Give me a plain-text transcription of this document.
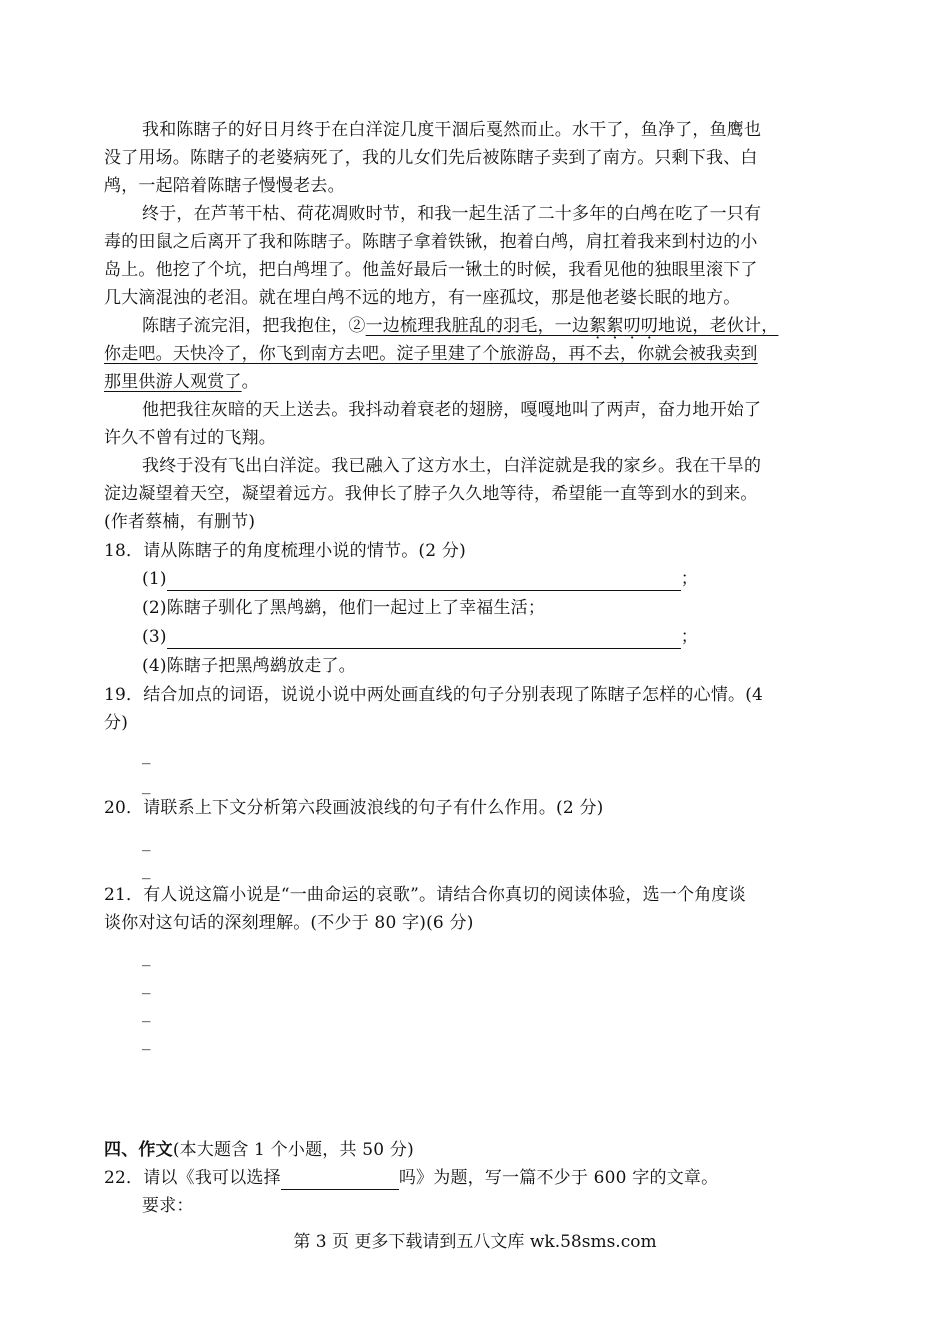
我和陈瞎子的好日月终于在白洋淀几度干涸后戛然而止。水干了，鱼净了，鱼鹰也
没了用场。陈瞎子的老婆病死了，我的儿女们先后被陈瞎子卖到了南方。只剩下我、白
鸬，一起陪着陈瞎子慢慢老去。
终于，在芦苇干枯、荷花凋败时节，和我一起生活了二十多年的白鸬在吃了一只有
毒的田鼠之后离开了我和陈瞎子。陈瞎子拿着铁锹，抱着白鸬，肩扛着我来到村边的小
岛上。他挖了个坑，把白鸬埋了。他盖好最后一锹土的时候，我看见他的独眼里滚下了
几大滴混浊的老泪。就在埋白鸬不远的地方，有一座孤坟，那是他老婆长眠的地方。
陈瞎子流完泪，把我抱住，②一边梳理我脏乱的羽毛，一边絮絮叨叨地说，老伙计，
你走吧。天快冷了，你飞到南方去吧。淀子里建了个旅游岛，再不去，你就会被我卖到
那里供游人观赏了。
他把我往灰暗的天上送去。我抖动着衰老的翅膀，嘎嘎地叫了两声，奋力地开始了
许久不曾有过的飞翔。
我终于没有飞出白洋淀。我已融入了这方水土，白洋淀就是我的家乡。我在干旱的
淀边凝望着天空，凝望着远方。我伸长了脖子久久地等待，希望能一直等到水的到来。
(作者蔡楠，有删节)
18．请从陈瞎子的角度梳理小说的情节。(2 分)
(1)	；
(2)陈瞎子驯化了黑鸬鹚，他们一起过上了幸福生活；
(3)	；
(4)陈瞎子把黑鸬鹚放走了。
19．结合加点的词语，说说小说中两处画直线的句子分别表现了陈瞎子怎样的心情。(4
分)
_
_
20．请联系上下文分析第六段画波浪线的句子有什么作用。(2 分)
_
_
21．有人说这篇小说是“一曲命运的哀歌”。请结合你真切的阅读体验，选一个角度谈
谈你对这句话的深刻理解。(不少于 80 字)(6 分)
_
_
_
_
四、作文(本大题含 1 个小题，共 50 分)
22．请以《我可以选择	吗》为题，写一篇不少于 600 字的文章。
要求：
第 3 页 更多下载请到五八文库 wk.58sms.com
